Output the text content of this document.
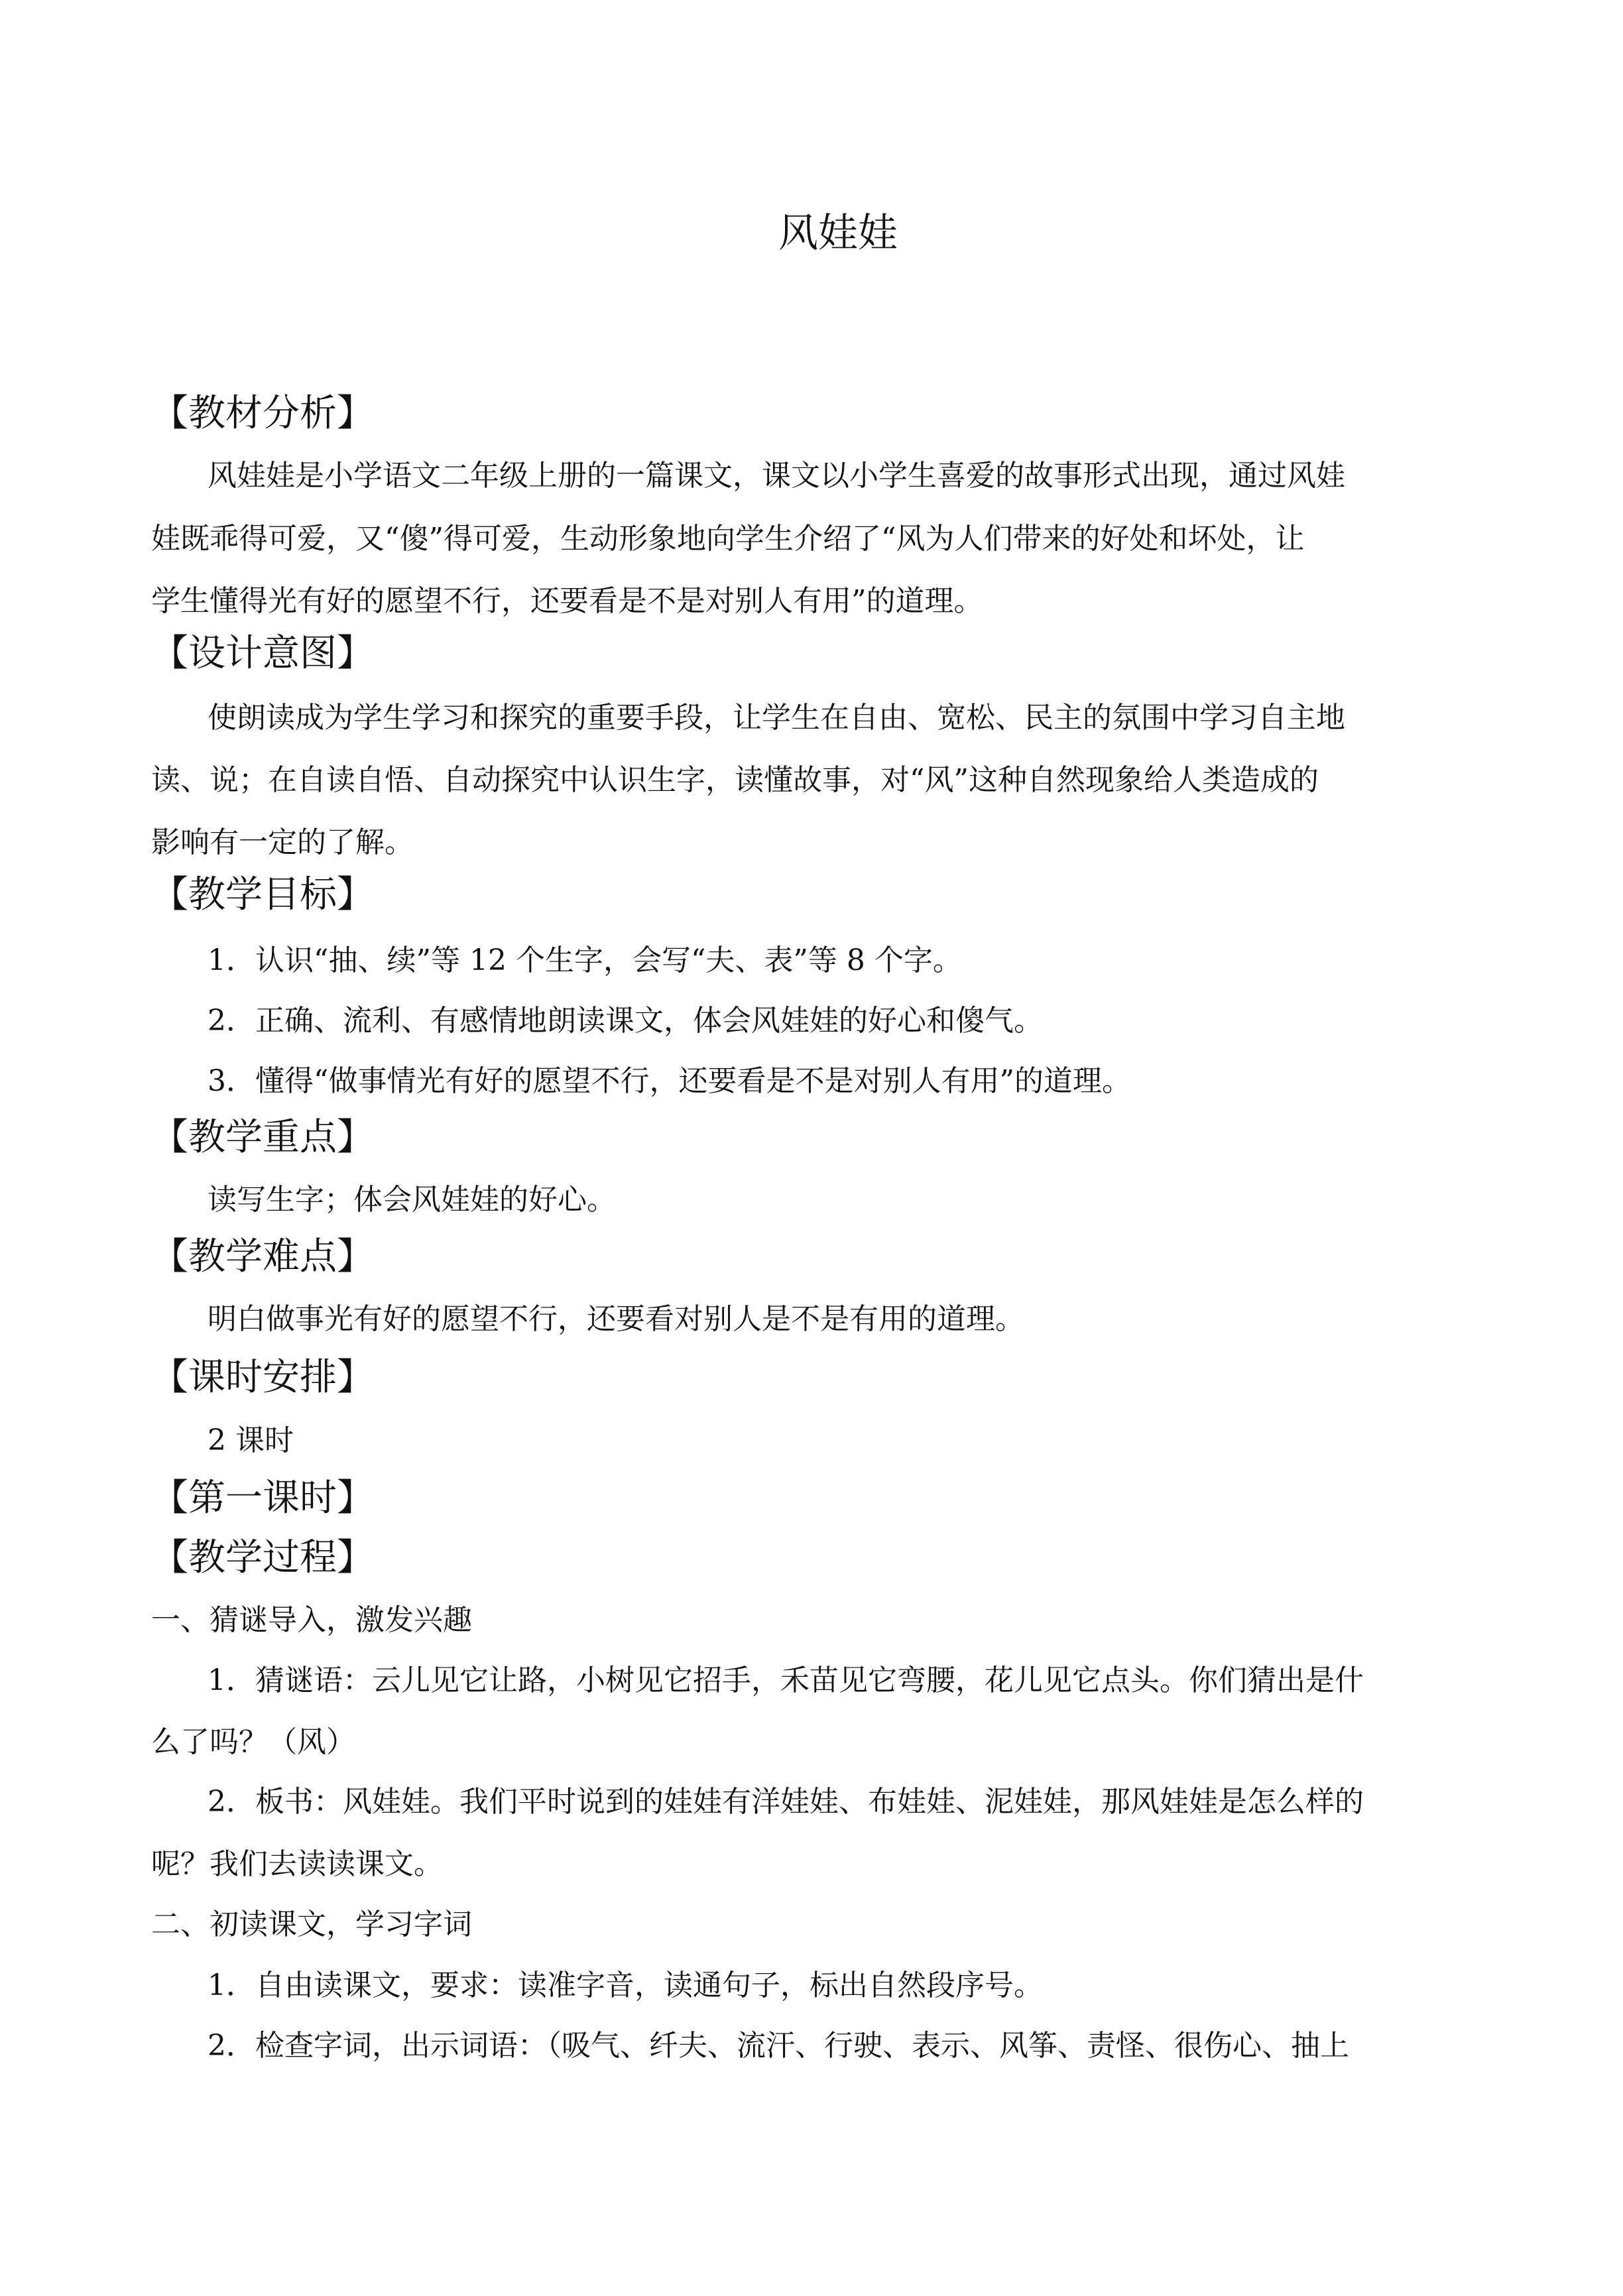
风娃娃
【教材分析】

风娃娃是小学语文二年级上册的一篇课文，课文以小学生喜爱的故事形式出现，通过风娃

娃既乖得可爱，又“傻”得可爱，生动形象地向学生介绍了“风为人们带来的好处和坏处，让

学生懂得光有好的愿望不行，还要看是不是对别人有用”的道理。

【设计意图】

使朗读成为学生学习和探究的重要手段，让学生在自由、宽松、民主的氛围中学习自主地

读、说；在自读自悟、自动探究中认识生字，读懂故事，对“风”这种自然现象给人类造成的

影响有一定的了解。

【教学目标】

1．认识“抽、续”等 12 个生字，会写“夫、表”等 8 个字。

2．正确、流利、有感情地朗读课文，体会风娃娃的好心和傻气。

3．懂得“做事情光有好的愿望不行，还要看是不是对别人有用”的道理。

【教学重点】

读写生字；体会风娃娃的好心。

【教学难点】

明白做事光有好的愿望不行，还要看对别人是不是有用的道理。

【课时安排】

2 课时

【第一课时】
【教学过程】

一、猜谜导入，激发兴趣

1．猜谜语：云儿见它让路，小树见它招手，禾苗见它弯腰，花儿见它点头。你们猜出是什

么了吗？（风）

2．板书：风娃娃。我们平时说到的娃娃有洋娃娃、布娃娃、泥娃娃，那风娃娃是怎么样的

呢？我们去读读课文。

二、初读课文，学习字词

1．自由读课文，要求：读准字音，读通句子，标出自然段序号。

2．检查字词，出示词语：（吸气、纤夫、流汗、行驶、表示、风筝、责怪、很伤心、抽上
